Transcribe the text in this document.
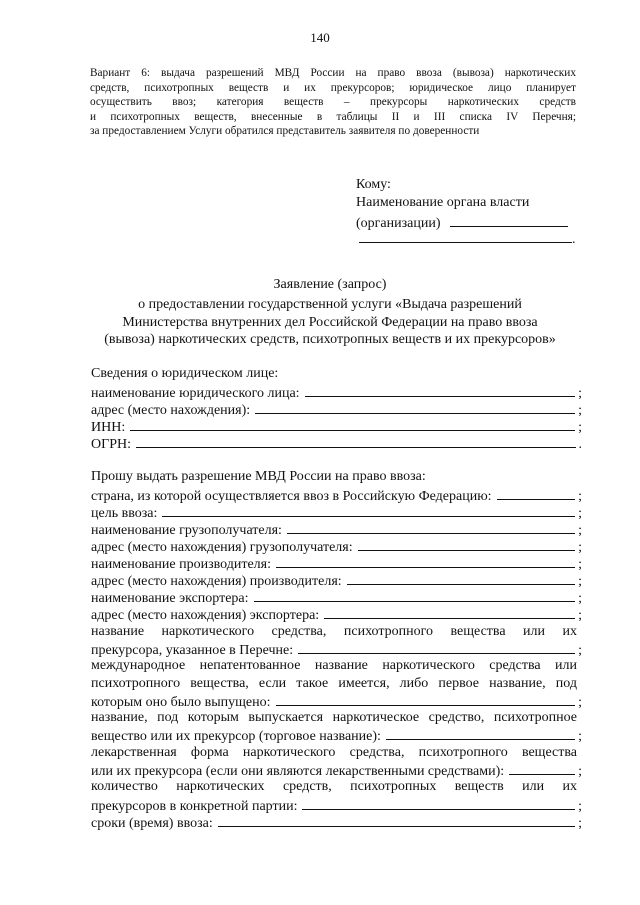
140
Вариант 6: выдача разрешений МВД России на право ввоза (вывоза) наркотических
средств, психотропных веществ и их прекурсоров; юридическое лицо планирует
осуществить ввоз; категория веществ – прекурсоры наркотических средств
и психотропных веществ, внесенные в таблицы II и III списка IV Перечня;
за предоставлением Услуги обратился представитель заявителя по доверенности
Кому:
Наименование органа власти
(организации)
.
Заявление (запрос)
о предоставлении государственной услуги «Выдача разрешений
Министерства внутренних дел Российской Федерации на право ввоза
(вывоза) наркотических средств, психотропных веществ и их прекурсоров»
Сведения о юридическом лице:
наименование юридического лица:	;
адрес (место нахождения):	;
ИНН:	;
ОГРН:	.
Прошу выдать разрешение МВД России на право ввоза:
страна, из которой осуществляется ввоз в Российскую Федерацию:	;
цель ввоза:	;
наименование грузополучателя:	;
адрес (место нахождения) грузополучателя:	;
наименование производителя:	;
адрес (место нахождения) производителя:	;
наименование экспортера:	;
адрес (место нахождения) экспортера:	;
название наркотического средства, психотропного вещества или их
прекурсора, указанное в Перечне:	;
международное непатентованное название наркотического средства или
психотропного вещества, если такое имеется, либо первое название, под
которым оно было выпущено:	;
название, под которым выпускается наркотическое средство, психотропное
вещество или их прекурсор (торговое название):	;
лекарственная форма наркотического средства, психотропного вещества
или их прекурсора (если они являются лекарственными средствами):	;
количество наркотических средств, психотропных веществ или их
прекурсоров в конкретной партии:	;
сроки (время) ввоза:	;
